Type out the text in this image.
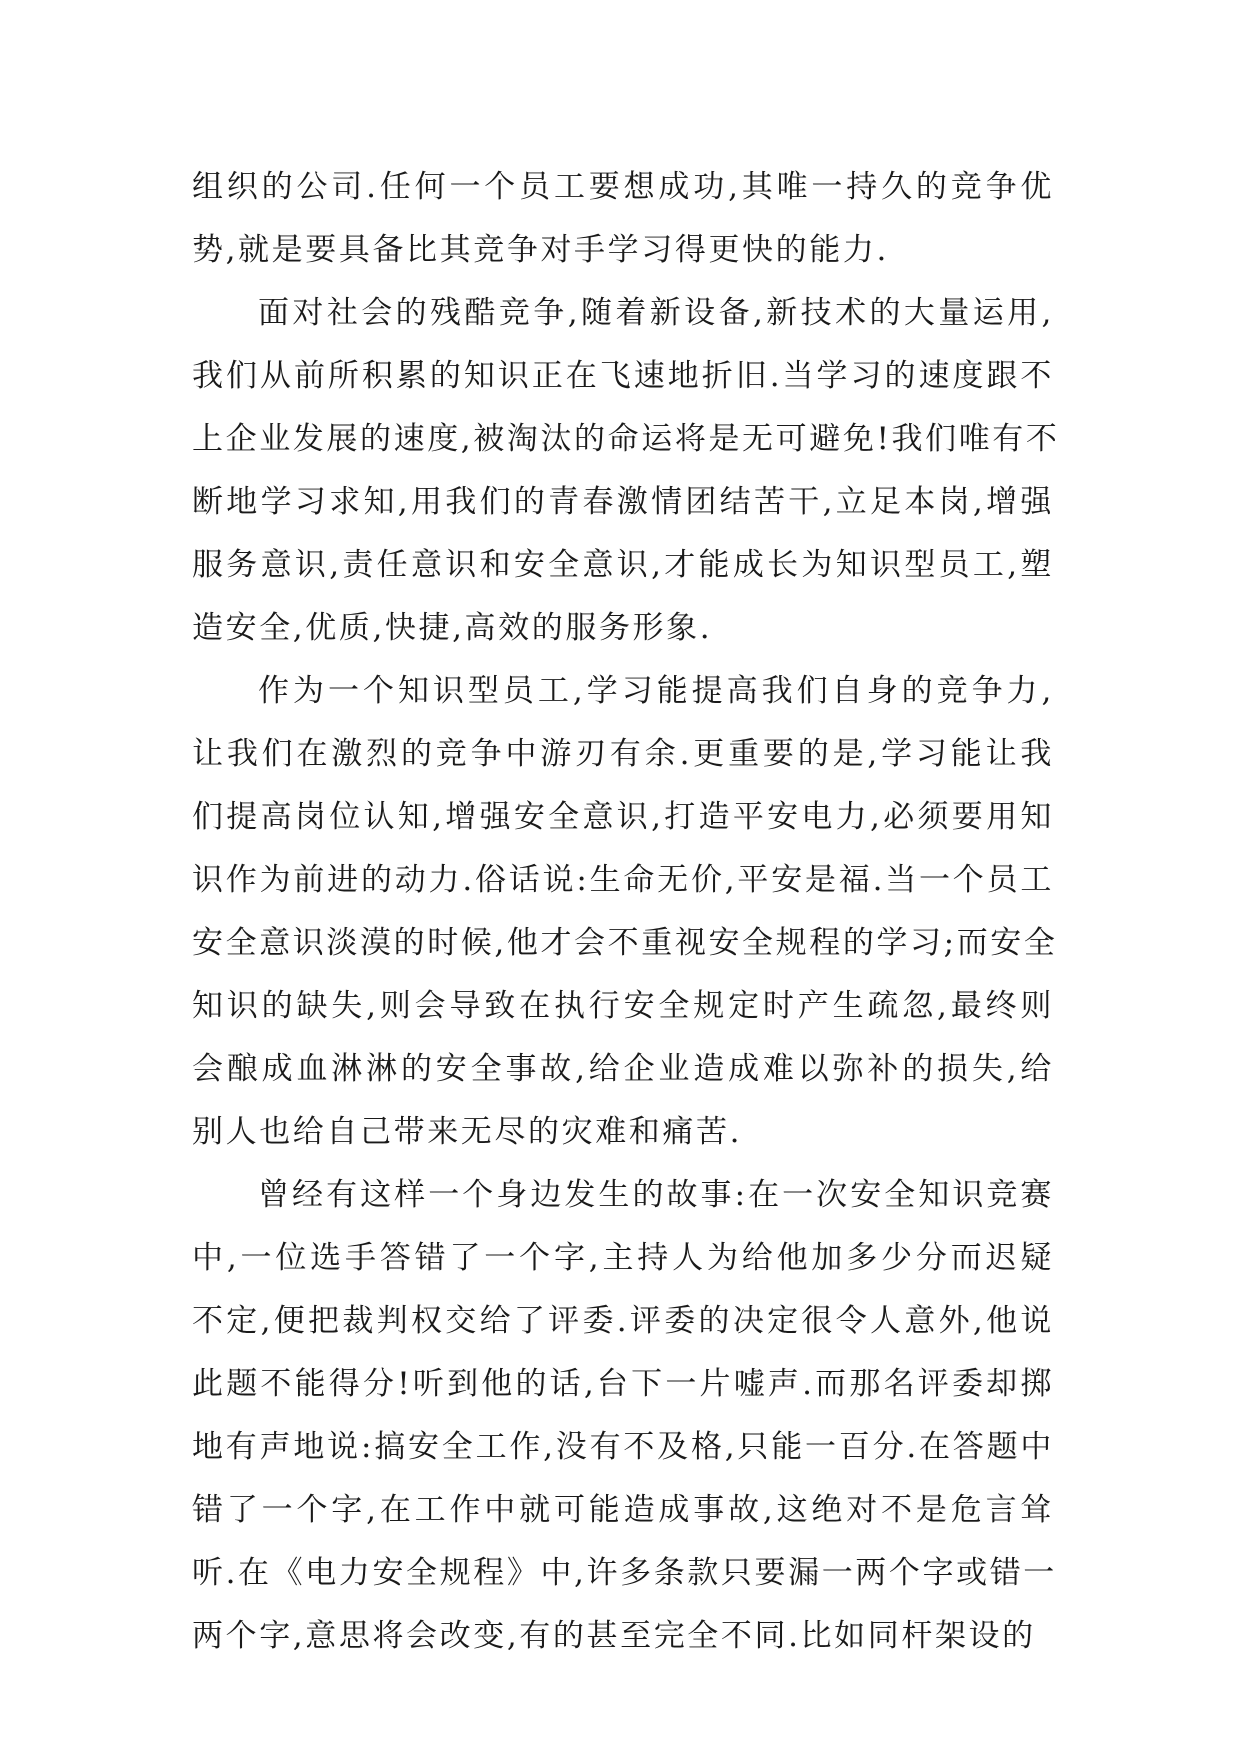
组织的公司.任何一个员工要想成功,其唯一持久的竞争优
势,就是要具备比其竞争对手学习得更快的能力.
面对社会的残酷竞争,随着新设备,新技术的大量运用,
我们从前所积累的知识正在飞速地折旧.当学习的速度跟不
上企业发展的速度,被淘汰的命运将是无可避免!我们唯有不
断地学习求知,用我们的青春激情团结苦干,立足本岗,增强
服务意识,责任意识和安全意识,才能成长为知识型员工,塑
造安全,优质,快捷,高效的服务形象.
作为一个知识型员工,学习能提高我们自身的竞争力,
让我们在激烈的竞争中游刃有余.更重要的是,学习能让我
们提高岗位认知,增强安全意识,打造平安电力,必须要用知
识作为前进的动力.俗话说:生命无价,平安是福.当一个员工
安全意识淡漠的时候,他才会不重视安全规程的学习;而安全
知识的缺失,则会导致在执行安全规定时产生疏忽,最终则
会酿成血淋淋的安全事故,给企业造成难以弥补的损失,给
别人也给自己带来无尽的灾难和痛苦.
曾经有这样一个身边发生的故事:在一次安全知识竞赛
中,一位选手答错了一个字,主持人为给他加多少分而迟疑
不定,便把裁判权交给了评委.评委的决定很令人意外,他说
此题不能得分!听到他的话,台下一片嘘声.而那名评委却掷
地有声地说:搞安全工作,没有不及格,只能一百分.在答题中
错了一个字,在工作中就可能造成事故,这绝对不是危言耸
听.在《电力安全规程》中,许多条款只要漏一两个字或错一
两个字,意思将会改变,有的甚至完全不同.比如同杆架设的
